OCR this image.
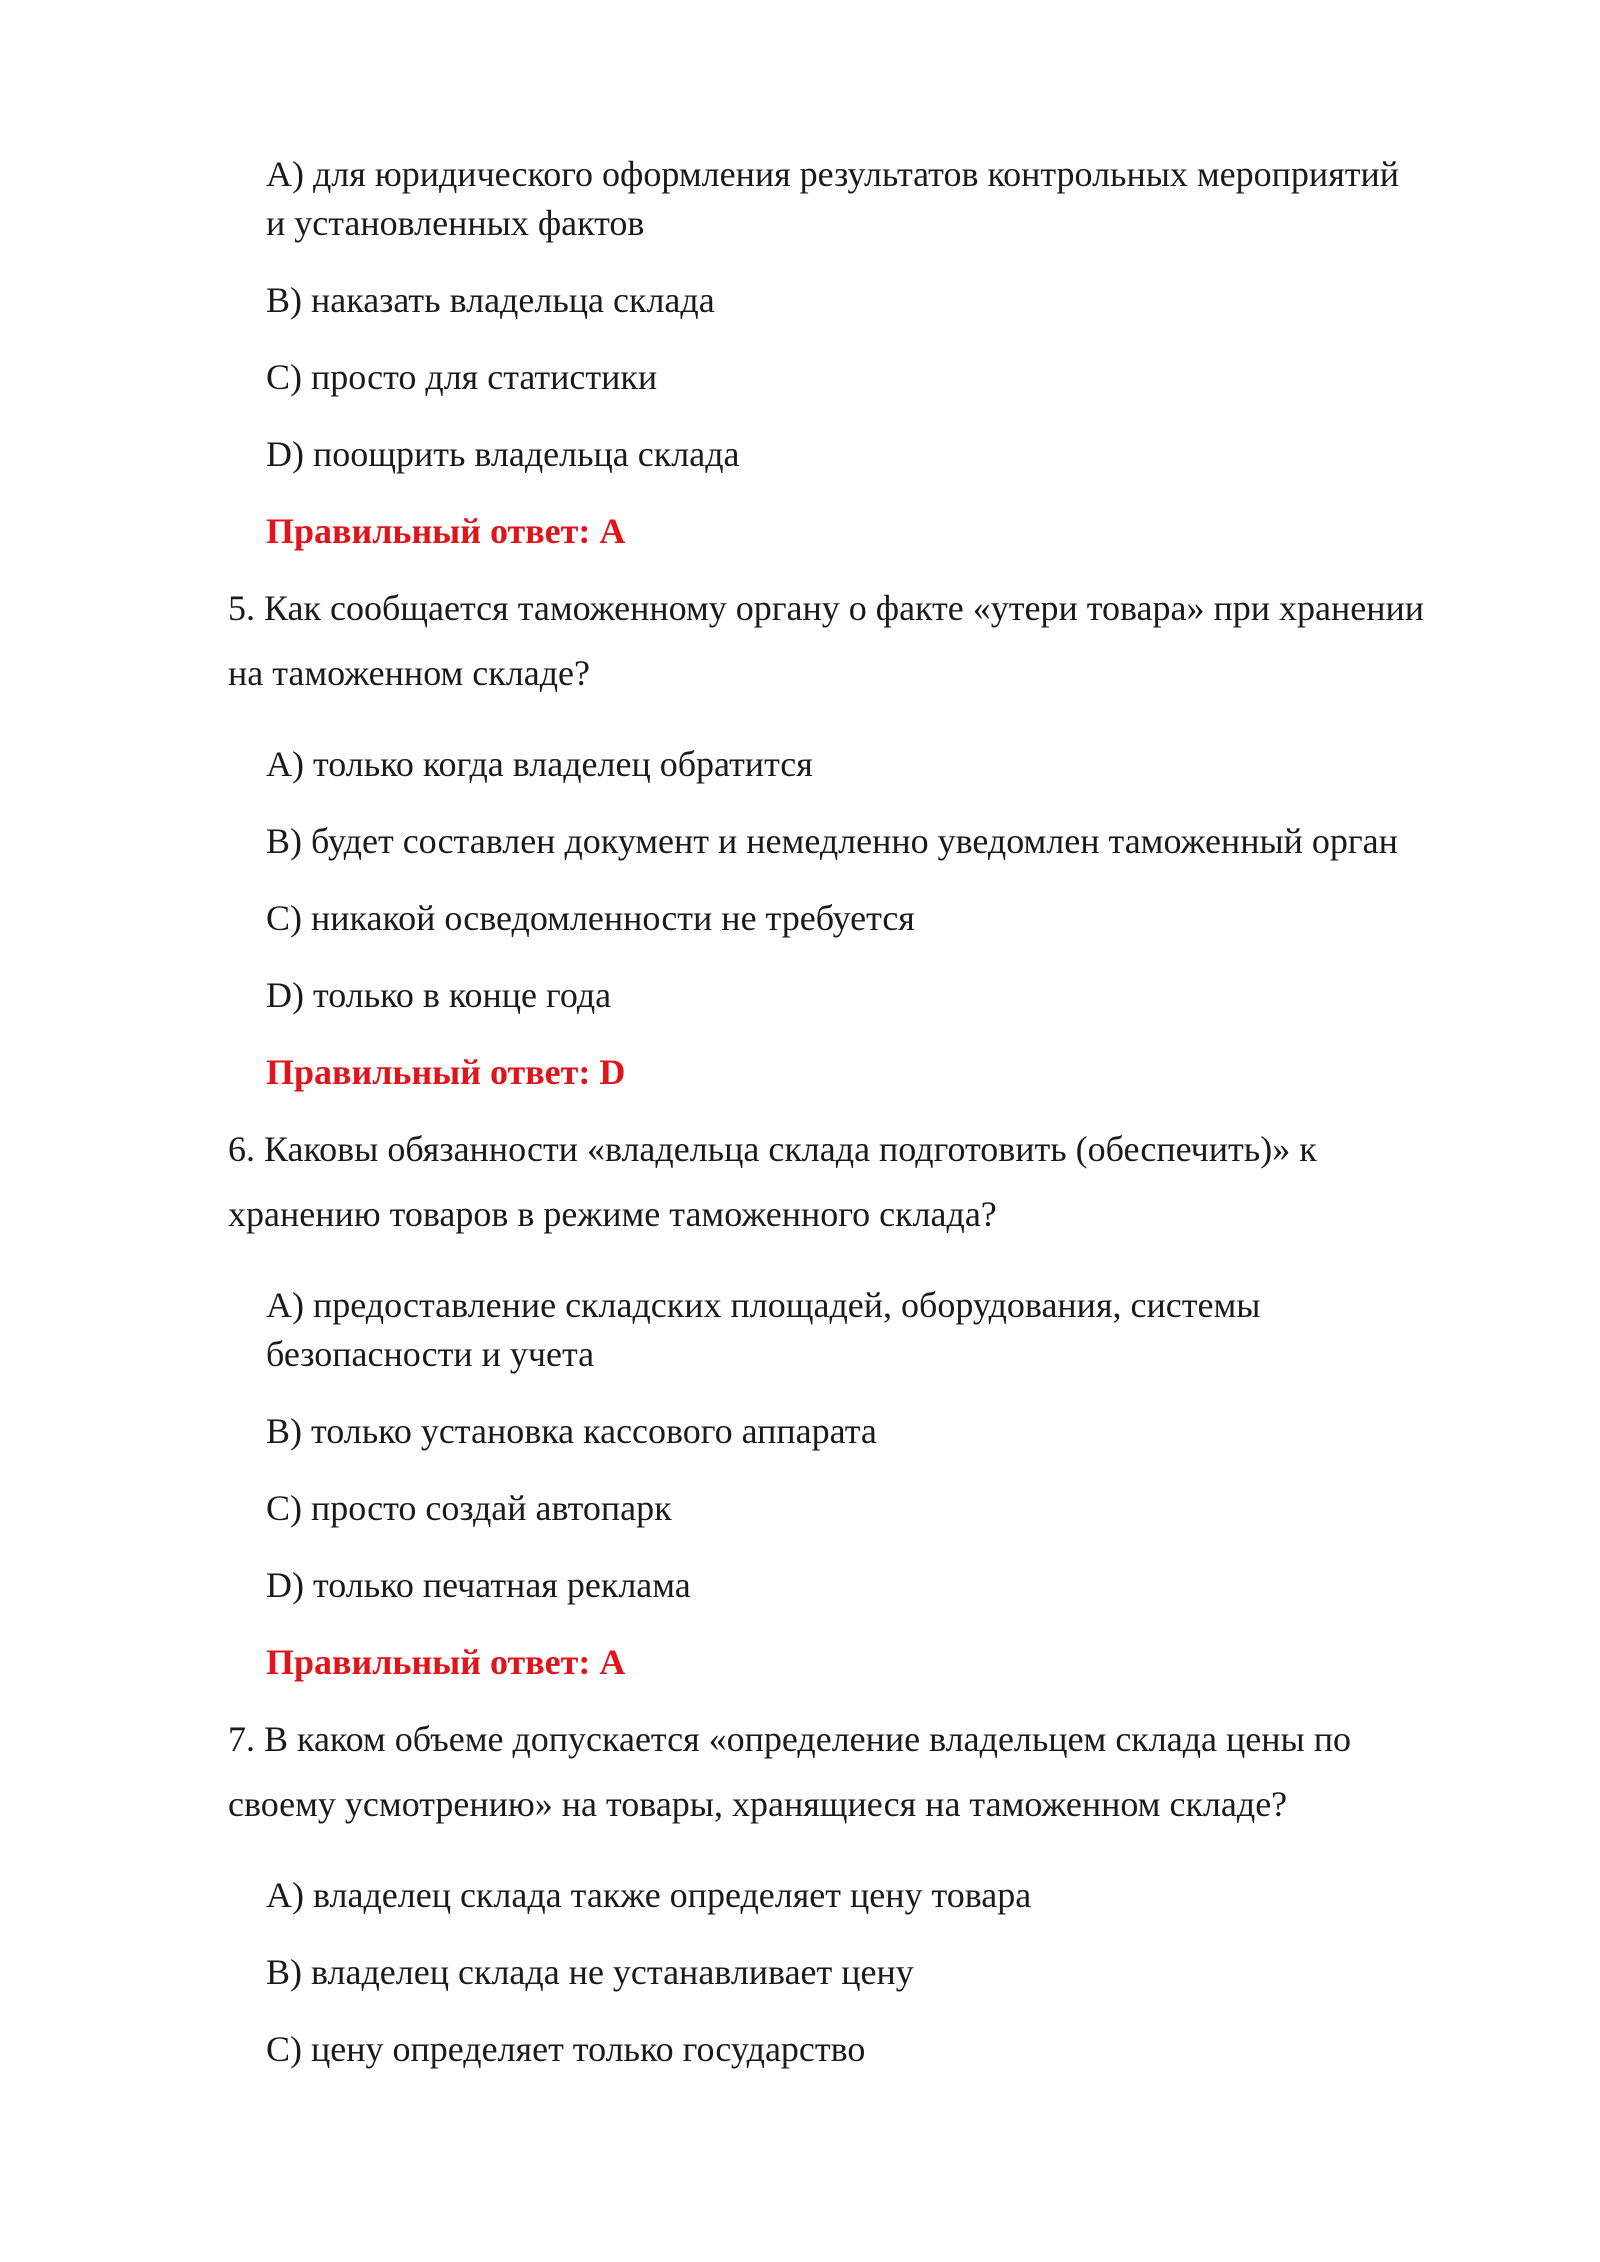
А) для юридического оформления результатов контрольных мероприятий
и установленных фактов
В) наказать владельца склада
С) просто для статистики
D) поощрить владельца склада
Правильный ответ: А
5. Как сообщается таможенному органу о факте «утери товара» при хранении
на таможенном складе?
А) только когда владелец обратится
В) будет составлен документ и немедленно уведомлен таможенный орган
С) никакой осведомленности не требуется
D) только в конце года
Правильный ответ: D
6. Каковы обязанности «владельца склада подготовить (обеспечить)» к
хранению товаров в режиме таможенного склада?
А) предоставление складских площадей, оборудования, системы
безопасности и учета
В) только установка кассового аппарата
С) просто создай автопарк
D) только печатная реклама
Правильный ответ: А
7. В каком объеме допускается «определение владельцем склада цены по
своему усмотрению» на товары, хранящиеся на таможенном складе?
А) владелец склада также определяет цену товара
В) владелец склада не устанавливает цену
С) цену определяет только государство
